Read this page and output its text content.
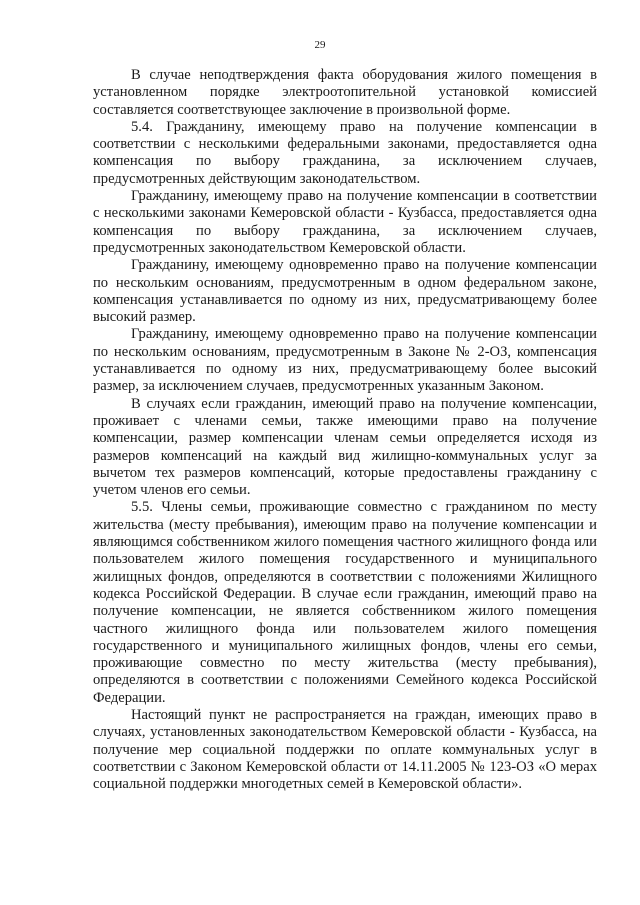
29

В случае неподтверждения факта оборудования жилого помещения в установленном порядке электроотопительной установкой комиссией составляется соответствующее заключение в произвольной форме.

5.4. Гражданину, имеющему право на получение компенсации в соответствии с несколькими федеральными законами, предоставляется одна компенсация по выбору гражданина, за исключением случаев, предусмотренных действующим законодательством.

Гражданину, имеющему право на получение компенсации в соответствии с несколькими законами Кемеровской области - Кузбасса, предоставляется одна компенсация по выбору гражданина, за исключением случаев, предусмотренных законодательством Кемеровской области.

Гражданину, имеющему одновременно право на получение компенсации по нескольким основаниям, предусмотренным в одном федеральном законе, компенсация устанавливается по одному из них, предусматривающему более высокий размер.

Гражданину, имеющему одновременно право на получение компенсации по нескольким основаниям, предусмотренным в Законе № 2-ОЗ, компенсация устанавливается по одному из них, предусматривающему более высокий размер, за исключением случаев, предусмотренных указанным Законом.

В случаях если гражданин, имеющий право на получение компенсации, проживает с членами семьи, также имеющими право на получение компенсации, размер компенсации членам семьи определяется исходя из размеров компенсаций на каждый вид жилищно-коммунальных услуг за вычетом тех размеров компенсаций, которые предоставлены гражданину с учетом членов его семьи.

5.5. Члены семьи, проживающие совместно с гражданином по месту жительства (месту пребывания), имеющим право на получение компенсации и являющимся собственником жилого помещения частного жилищного фонда или пользователем жилого помещения государственного и муниципального жилищных фондов, определяются в соответствии с положениями Жилищного кодекса Российской Федерации. В случае если гражданин, имеющий право на получение компенсации, не является собственником жилого помещения частного жилищного фонда или пользователем жилого помещения государственного и муниципального жилищных фондов, члены его семьи, проживающие совместно по месту жительства (месту пребывания), определяются в соответствии с положениями Семейного кодекса Российской Федерации.

Настоящий пункт не распространяется на граждан, имеющих право в случаях, установленных законодательством Кемеровской области - Кузбасса, на получение мер социальной поддержки по оплате коммунальных услуг в соответствии с Законом Кемеровской области от 14.11.2005 № 123-ОЗ «О мерах социальной поддержки многодетных семей в Кемеровской области».
